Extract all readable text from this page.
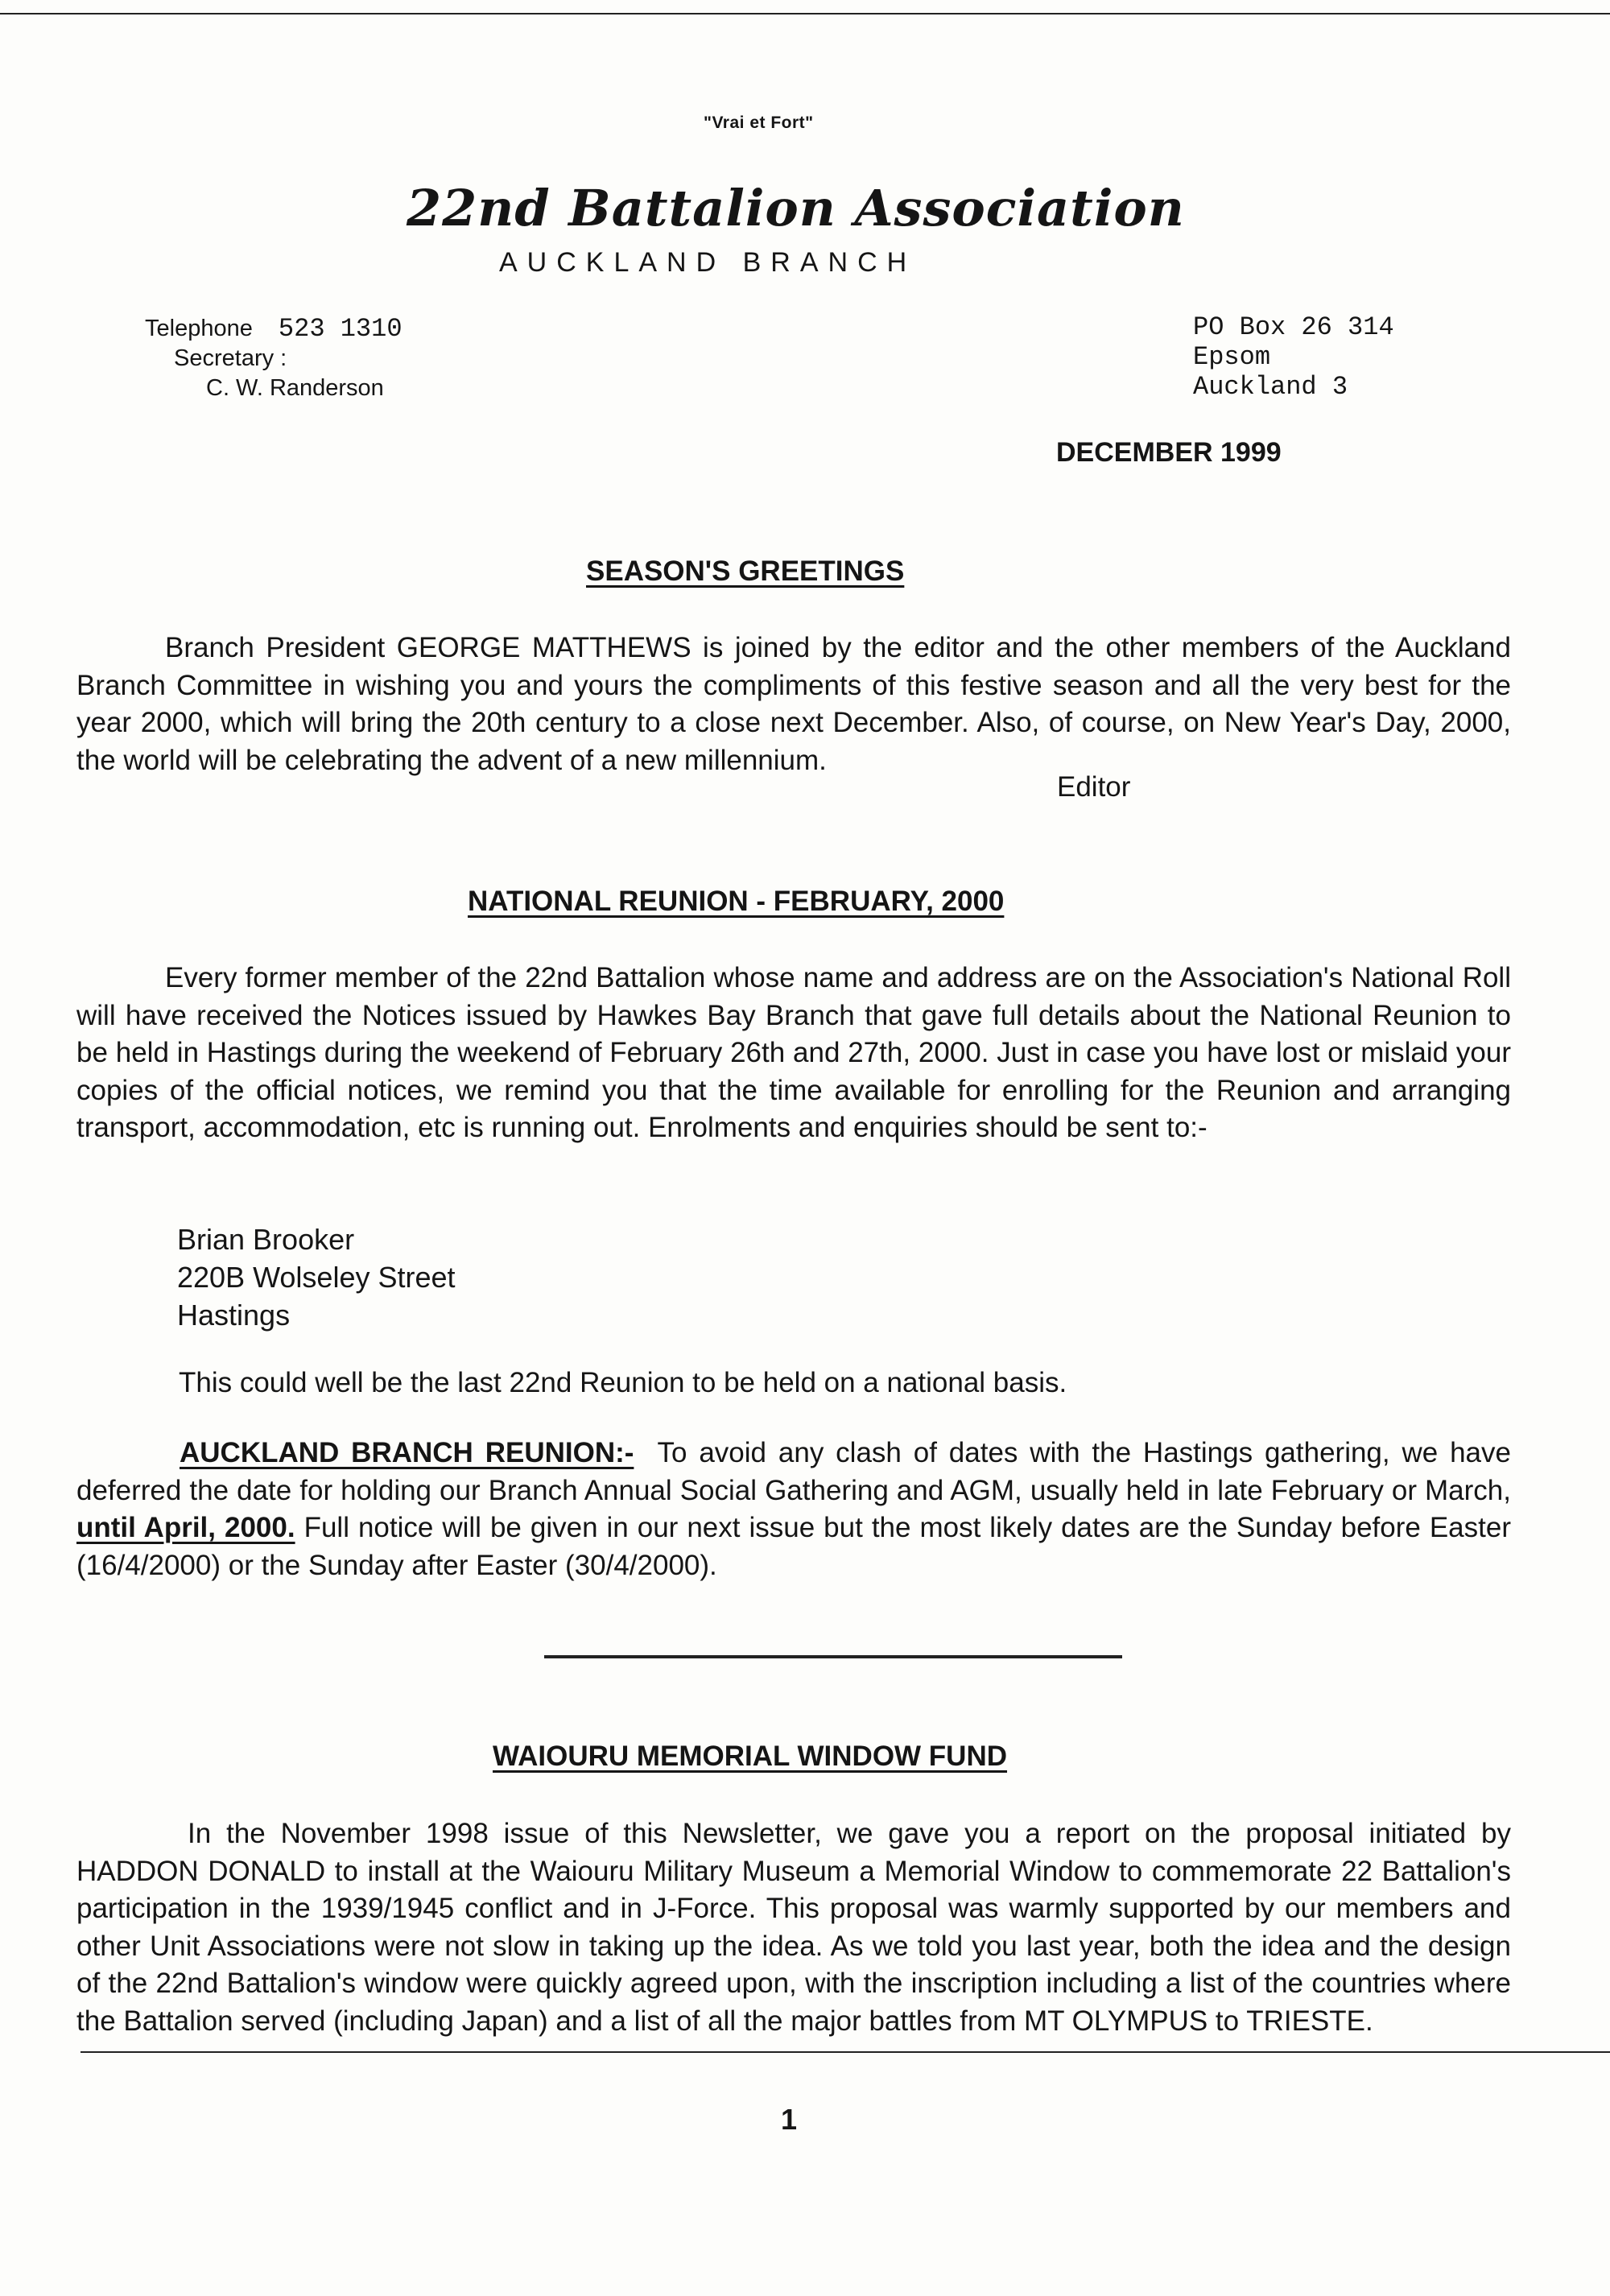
"Vrai et Fort"
22nd Battalion Association
AUCKLAND BRANCH
Telephone 523 1310
Secretary :
C. W. Randerson
PO Box 26 314
Epsom
Auckland 3
DECEMBER 1999
SEASON'S GREETINGS
Branch President GEORGE MATTHEWS is joined by the editor and the other members of the Auckland Branch Committee in wishing you and yours the compliments of this festive season and all the very best for the year 2000, which will bring the 20th century to a close next December. Also, of course, on New Year's Day, 2000, the world will be celebrating the advent of a new millennium.
Editor
NATIONAL REUNION - FEBRUARY, 2000
Every former member of the 22nd Battalion whose name and address are on the Association's National Roll will have received the Notices issued by Hawkes Bay Branch that gave full details about the National Reunion to be held in Hastings during the weekend of February 26th and 27th, 2000. Just in case you have lost or mislaid your copies of the official notices, we remind you that the time available for enrolling for the Reunion and arranging transport, accommodation, etc is running out. Enrolments and enquiries should be sent to:-
Brian Brooker
220B Wolseley Street
Hastings
This could well be the last 22nd Reunion to be held on a national basis.
AUCKLAND BRANCH REUNION:- To avoid any clash of dates with the Hastings gathering, we have deferred the date for holding our Branch Annual Social Gathering and AGM, usually held in late February or March, until April, 2000. Full notice will be given in our next issue but the most likely dates are the Sunday before Easter (16/4/2000) or the Sunday after Easter (30/4/2000).
WAIOURU MEMORIAL WINDOW FUND
In the November 1998 issue of this Newsletter, we gave you a report on the proposal initiated by HADDON DONALD to install at the Waiouru Military Museum a Memorial Window to commemorate 22 Battalion's participation in the 1939/1945 conflict and in J-Force. This proposal was warmly supported by our members and other Unit Associations were not slow in taking up the idea. As we told you last year, both the idea and the design of the 22nd Battalion's window were quickly agreed upon, with the inscription including a list of the countries where the Battalion served (including Japan) and a list of all the major battles from MT OLYMPUS to TRIESTE.
1
